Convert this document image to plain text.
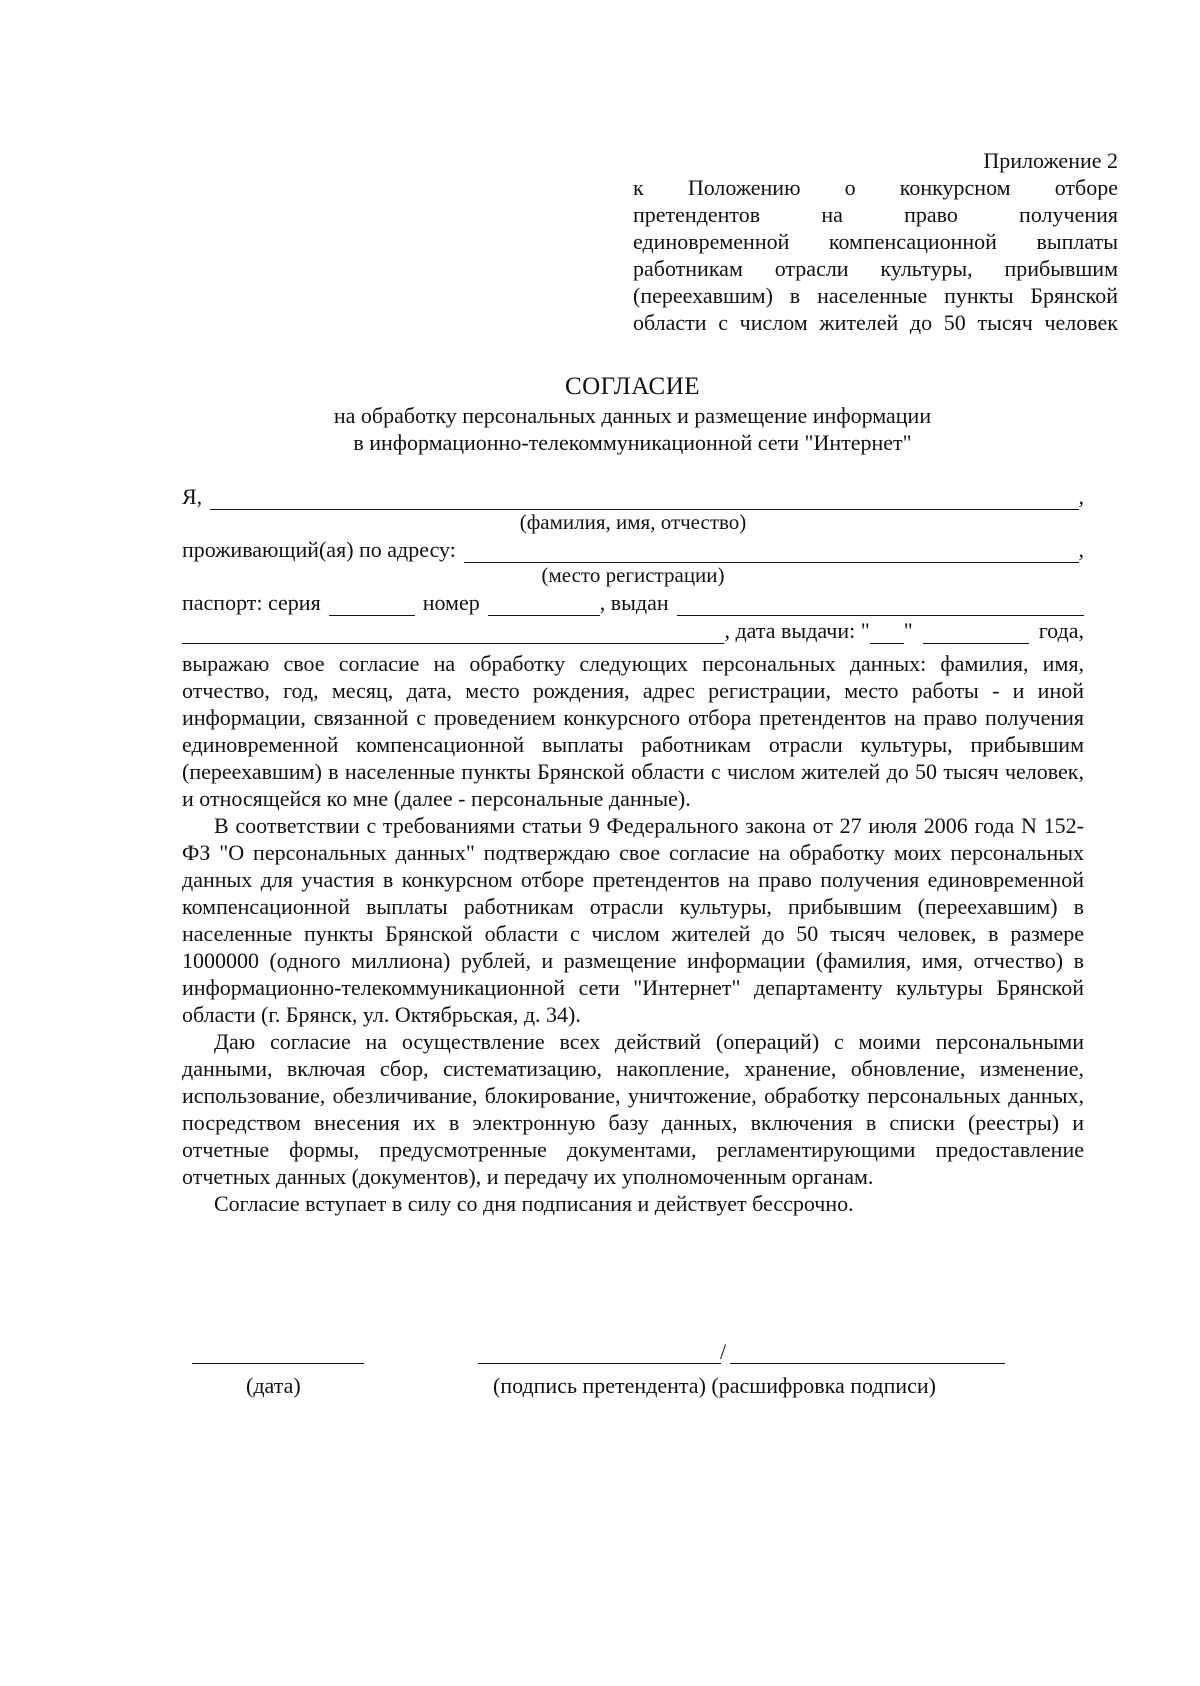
Приложение 2
к Положению о конкурсном отборе
претендентов на право получения
единовременной компенсационной выплаты
работникам отрасли культуры, прибывшим
(переехавшим) в населенные пункты Брянской
области с числом жителей до 50 тысяч человек
СОГЛАСИЕ
на обработку персональных данных и размещение информации
в информационно-телекоммуникационной сети "Интернет"
Я,	,
(фамилия, имя, отчество)
проживающий(ая) по адресу:	,
(место регистрации)
паспорт: серия	номер	, выдан
, дата выдачи: " "	года,

выражаю свое согласие на обработку следующих персональных данных: фамилия, имя, отчество, год, месяц, дата, место рождения, адрес регистрации, место работы - и иной информации, связанной с проведением конкурсного отбора претендентов на право получения единовременной компенсационной выплаты работникам отрасли культуры, прибывшим (переехавшим) в населенные пункты Брянской области с числом жителей до 50 тысяч человек, и относящейся ко мне (далее - персональные данные).

В соответствии с требованиями статьи 9 Федерального закона от 27 июля 2006 года N 152-ФЗ "О персональных данных" подтверждаю свое согласие на обработку моих персональных данных для участия в конкурсном отборе претендентов на право получения единовременной компенсационной выплаты работникам отрасли культуры, прибывшим (переехавшим) в населенные пункты Брянской области с числом жителей до 50 тысяч человек, в размере 1000000 (одного миллиона) рублей, и размещение информации (фамилия, имя, отчество) в информационно-телекоммуникационной сети "Интернет" департаменту культуры Брянской области (г. Брянск, ул. Октябрьская, д. 34).

Даю согласие на осуществление всех действий (операций) с моими персональными данными, включая сбор, систематизацию, накопление, хранение, обновление, изменение, использование, обезличивание, блокирование, уничтожение, обработку персональных данных, посредством внесения их в электронную базу данных, включения в списки (реестры) и отчетные формы, предусмотренные документами, регламентирующими предоставление отчетных данных (документов), и передачу их уполномоченным органам.

Согласие вступает в силу со дня подписания и действует бессрочно.

/
(дата)	(подпись претендента) (расшифровка подписи)
